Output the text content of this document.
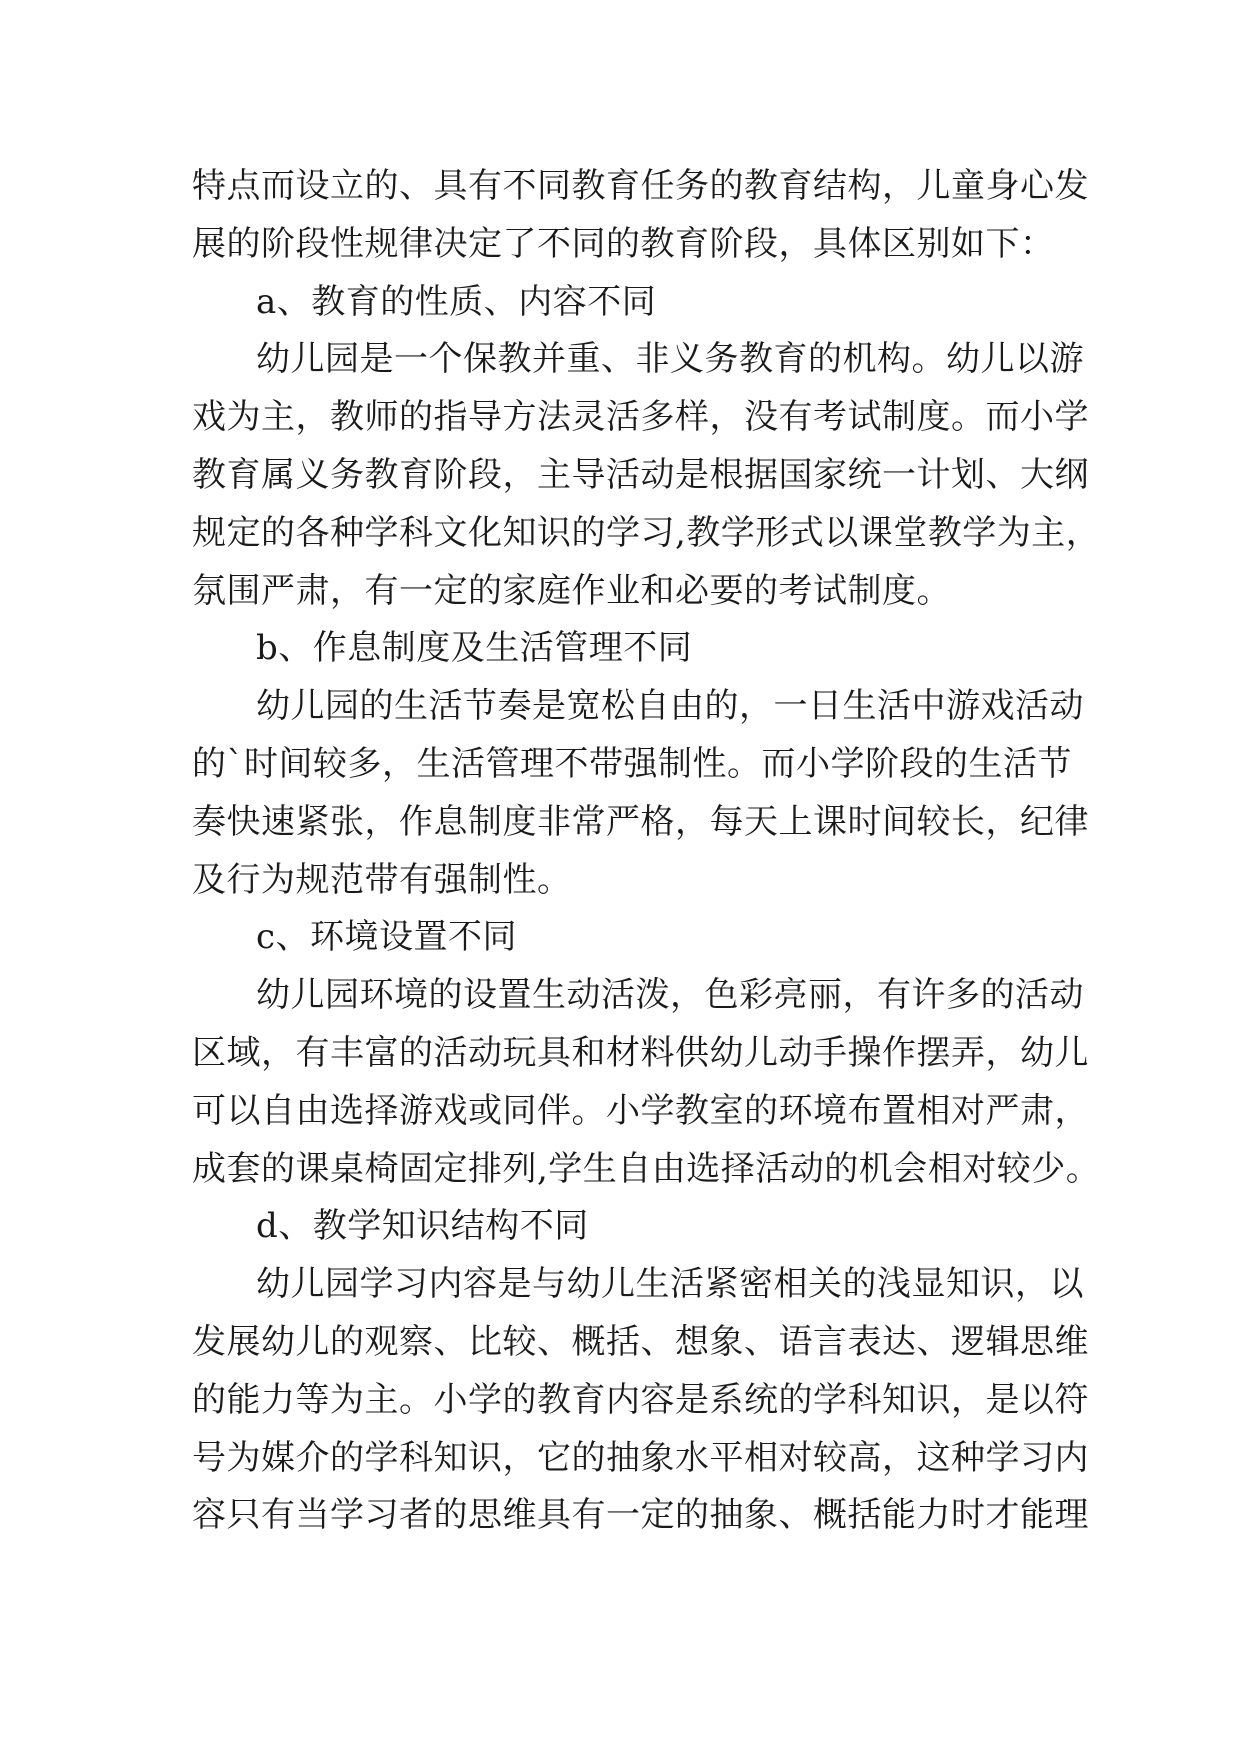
特点而设立的、具有不同教育任务的教育结构，儿童身心发
展的阶段性规律决定了不同的教育阶段，具体区别如下：
a、教育的性质、内容不同
幼儿园是一个保教并重、非义务教育的机构。幼儿以游
戏为主，教师的指导方法灵活多样，没有考试制度。而小学
教育属义务教育阶段，主导活动是根据国家统一计划、大纲
规定的各种学科文化知识的学习,教学形式以课堂教学为主，
氛围严肃，有一定的家庭作业和必要的考试制度。
b、作息制度及生活管理不同
幼儿园的生活节奏是宽松自由的，一日生活中游戏活动
的`时间较多，生活管理不带强制性。而小学阶段的生活节
奏快速紧张，作息制度非常严格，每天上课时间较长，纪律
及行为规范带有强制性。
c、环境设置不同
幼儿园环境的设置生动活泼，色彩亮丽，有许多的活动
区域，有丰富的活动玩具和材料供幼儿动手操作摆弄，幼儿
可以自由选择游戏或同伴。小学教室的环境布置相对严肃，
成套的课桌椅固定排列,学生自由选择活动的机会相对较少。
d、教学知识结构不同
幼儿园学习内容是与幼儿生活紧密相关的浅显知识，以
发展幼儿的观察、比较、概括、想象、语言表达、逻辑思维
的能力等为主。小学的教育内容是系统的学科知识，是以符
号为媒介的学科知识，它的抽象水平相对较高，这种学习内
容只有当学习者的思维具有一定的抽象、概括能力时才能理
